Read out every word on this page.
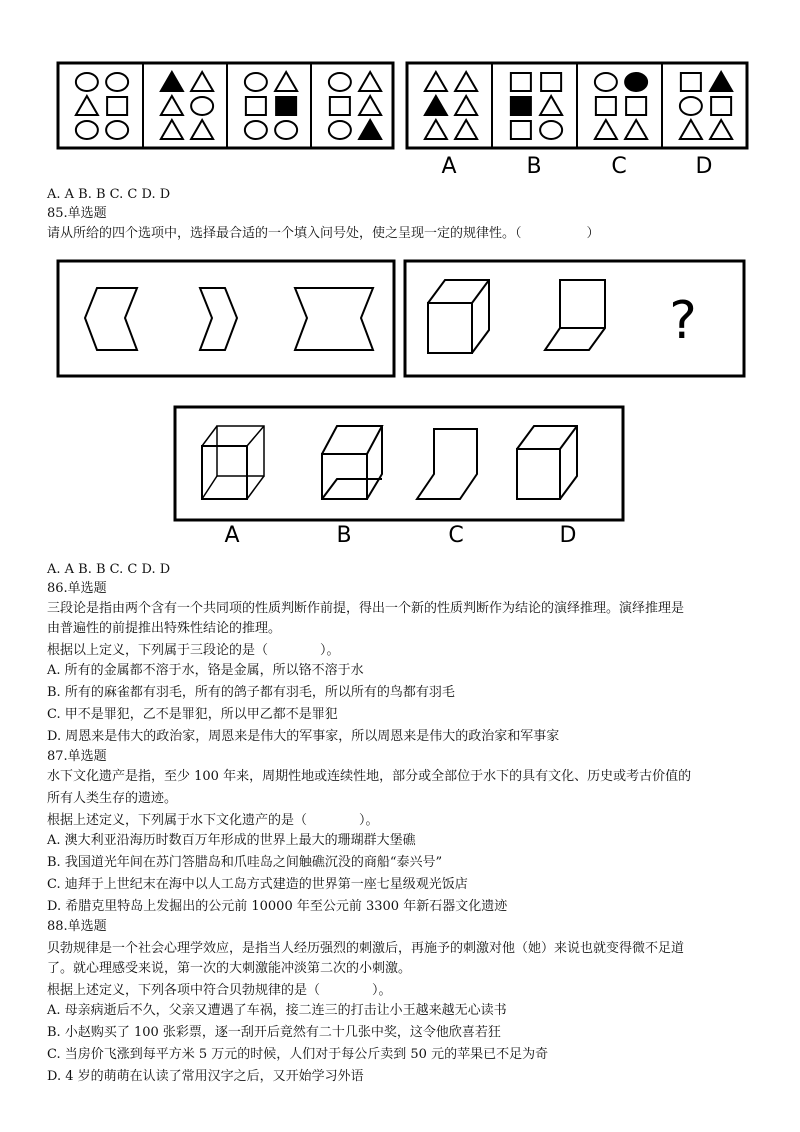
A	B	C	D
A. A B. B C. C D. D
85.单选题
请从所给的四个选项中，选择最合适的一个填入问号处，使之呈现一定的规律性。（　　　　　）
?
A	B	C	D
A. A B. B C. C D. D
86.单选题
三段论是指由两个含有一个共同项的性质判断作前提，得出一个新的性质判断作为结论的演绎推理。演绎推理是
由普遍性的前提推出特殊性结论的推理。
根据以上定义，下列属于三段论的是（　　　　）。
A. 所有的金属都不溶于水，铬是金属，所以铬不溶于水
B. 所有的麻雀都有羽毛，所有的鸽子都有羽毛，所以所有的鸟都有羽毛
C. 甲不是罪犯，乙不是罪犯，所以甲乙都不是罪犯
D. 周恩来是伟大的政治家，周恩来是伟大的军事家，所以周恩来是伟大的政治家和军事家
87.单选题
水下文化遗产是指，至少 100 年来，周期性地或连续性地，部分或全部位于水下的具有文化、历史或考古价值的
所有人类生存的遗迹。
根据上述定义，下列属于水下文化遗产的是（　　　　）。
A. 澳大利亚沿海历时数百万年形成的世界上最大的珊瑚群大堡礁
B. 我国道光年间在苏门答腊岛和爪哇岛之间触礁沉没的商船“泰兴号”
C. 迪拜于上世纪末在海中以人工岛方式建造的世界第一座七星级观光饭店
D. 希腊克里特岛上发掘出的公元前 10000 年至公元前 3300 年新石器文化遗迹
88.单选题
贝勃规律是一个社会心理学效应，是指当人经历强烈的刺激后，再施予的刺激对他（她）来说也就变得微不足道
了。就心理感受来说，第一次的大刺激能冲淡第二次的小刺激。
根据上述定义，下列各项中符合贝勃规律的是（　　　　）。
A. 母亲病逝后不久，父亲又遭遇了车祸，接二连三的打击让小王越来越无心读书
B. 小赵购买了 100 张彩票，逐一刮开后竟然有二十几张中奖，这令他欣喜若狂
C. 当房价飞涨到每平方米 5 万元的时候，人们对于每公斤卖到 50 元的苹果已不足为奇
D. 4 岁的萌萌在认读了常用汉字之后，又开始学习外语
